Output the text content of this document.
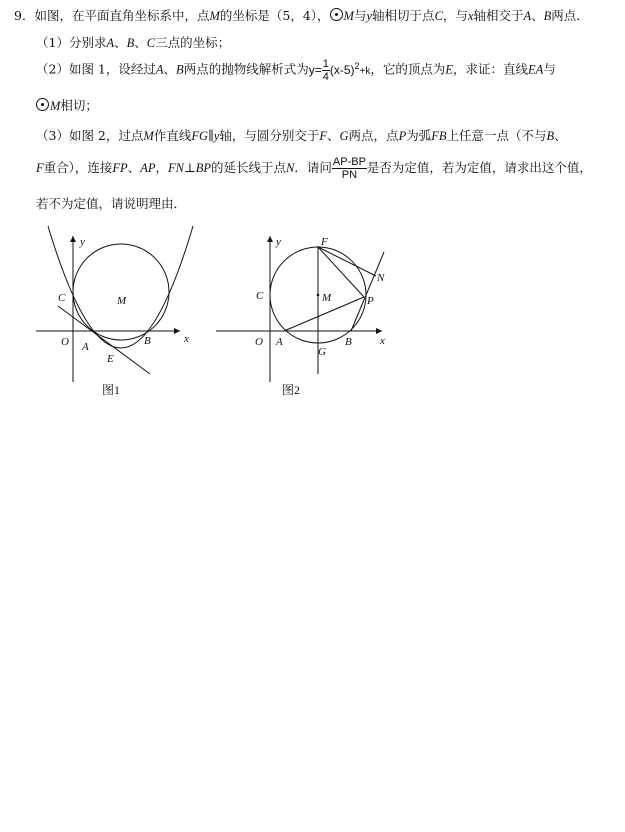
9．如图，在平面直角坐标系中，点M的坐标是（5，4）， M与y轴相切于点C，与x轴相交于A、B两点．
（1）分别求A、B、C三点的坐标；
（2）如图 1，设经过A、B两点的抛物线解析式为$y= \frac{1}{4} (x-5)^2+k$，它的顶点为E，求证：直线EA与
M相切；
（3）如图 2，过点M作直线FG∥y轴，与圆分别交于F、G两点，点P为弧FB上任意一点（不与B、
F重合），连接FP、AP，FN⊥BP的延长线于点N．请问 $\frac{AP-BP}{PN}$ 是否为定值，若为定值，请求出这个值，
若不为定值，请说明理由．
y
x
O A	B
C	M
E
图1
y
x
O A	B
C	M
F
G
P
N
图2
